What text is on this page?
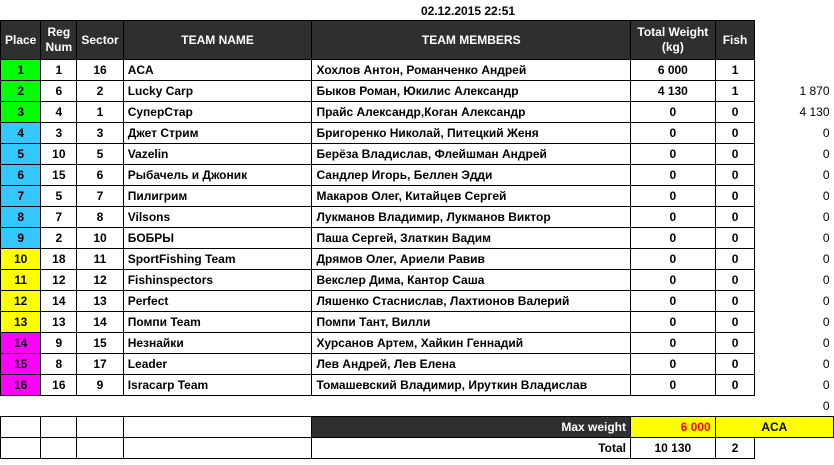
02.12.2015 22:51
Place	Reg Num	Sector	TEAM NAME	TEAM MEMBERS	Total Weight (kg)	Fish	
1	1	16	ACA	Хохлов Антон, Романченко Андрей	6 000	1	
2	6	2	Lucky Carp	Быков Роман, Юкилис Александр	4 130	1	1 870
3	4	1	СуперСтар	Прайс Александр,Коган Александр	0	0	4 130
4	3	3	Джет Стрим	Бригоренко Николай, Питецкий Женя	0	0	0
5	10	5	Vazelin	Берёза Владислав, Флейшман Андрей	0	0	0
6	15	6	Рыбачель и Джоник	Сандлер Игорь, Беллен Эдди	0	0	0
7	5	7	Пилигрим	Макаров Олег, Китайцев Сергей	0	0	0
8	7	8	Vilsons	Лукманов Владимир, Лукманов Виктор	0	0	0
9	2	10	БОБРЫ	Паша Сергей, Златкин Вадим	0	0	0
10	18	11	SportFishing Team	Дрямов Олег, Ариели Равив	0	0	0
11	12	12	Fishinspectors	Векслер Дима, Кантор Саша	0	0	0
12	14	13	Perfect	Ляшенко Стаснислав, Лахтионов Валерий	0	0	0
13	13	14	Помпи Team	Помпи Тант, Вилли	0	0	0
14	9	15	Незнайки	Хурсанов Артем, Хайкин Геннадий	0	0	0
15	8	17	Leader	Лев Андрей, Лев Елена	0	0	0
16	16	9	Isracarp Team	Томашевский Владимир, Ируткин Владислав	0	0	0
							0
				Max weight	6 000	ACA	
				Total	10 130	2	
